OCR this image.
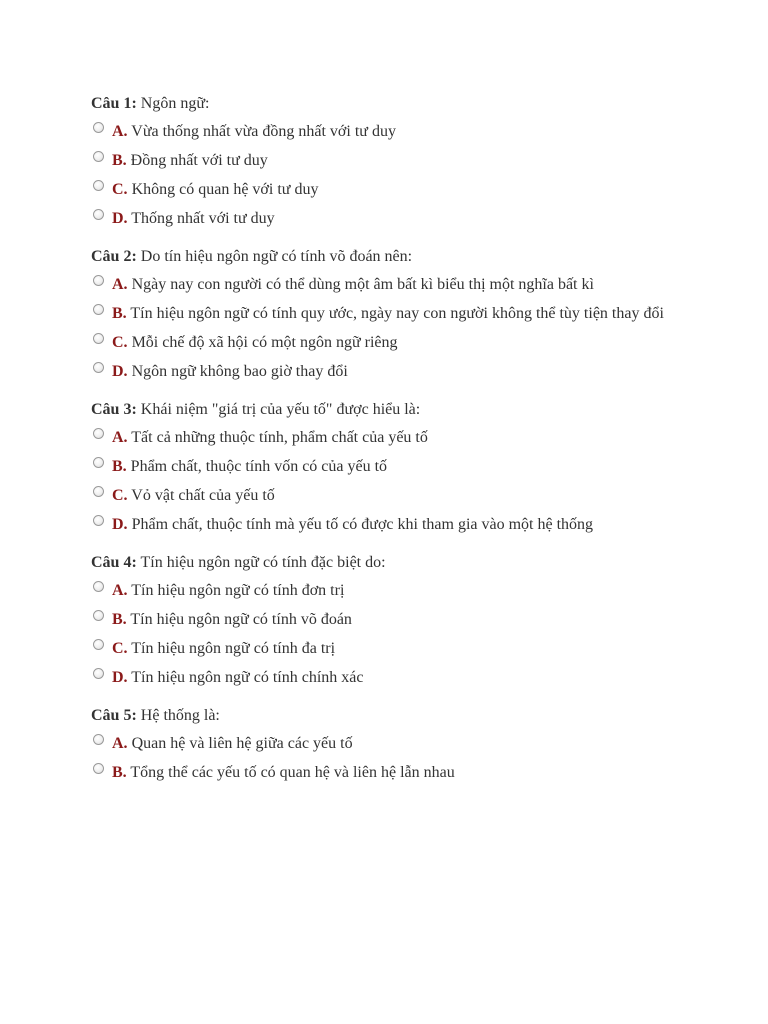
Câu 1: Ngôn ngữ:
A. Vừa thống nhất vừa đồng nhất với tư duy
B. Đồng nhất với tư duy
C. Không có quan hệ với tư duy
D. Thống nhất với tư duy
Câu 2: Do tín hiệu ngôn ngữ có tính võ đoán nên:
A. Ngày nay con người có thể dùng một âm bất kì biểu thị một nghĩa bất kì
B. Tín hiệu ngôn ngữ có tính quy ước, ngày nay con người không thể tùy tiện thay đổi
C. Mỗi chế độ xã hội có một ngôn ngữ riêng
D. Ngôn ngữ không bao giờ thay đổi
Câu 3: Khái niệm "giá trị của yếu tố" được hiểu là:
A. Tất cả những thuộc tính, phẩm chất của yếu tố
B. Phẩm chất, thuộc tính vốn có của yếu tố
C. Vỏ vật chất của yếu tố
D. Phẩm chất, thuộc tính mà yếu tố có được khi tham gia vào một hệ thống
Câu 4: Tín hiệu ngôn ngữ có tính đặc biệt do:
A. Tín hiệu ngôn ngữ có tính đơn trị
B. Tín hiệu ngôn ngữ có tính võ đoán
C. Tín hiệu ngôn ngữ có tính đa trị
D. Tín hiệu ngôn ngữ có tính chính xác
Câu 5: Hệ thống là:
A. Quan hệ và liên hệ giữa các yếu tố
B. Tổng thể các yếu tố có quan hệ và liên hệ lẫn nhau
